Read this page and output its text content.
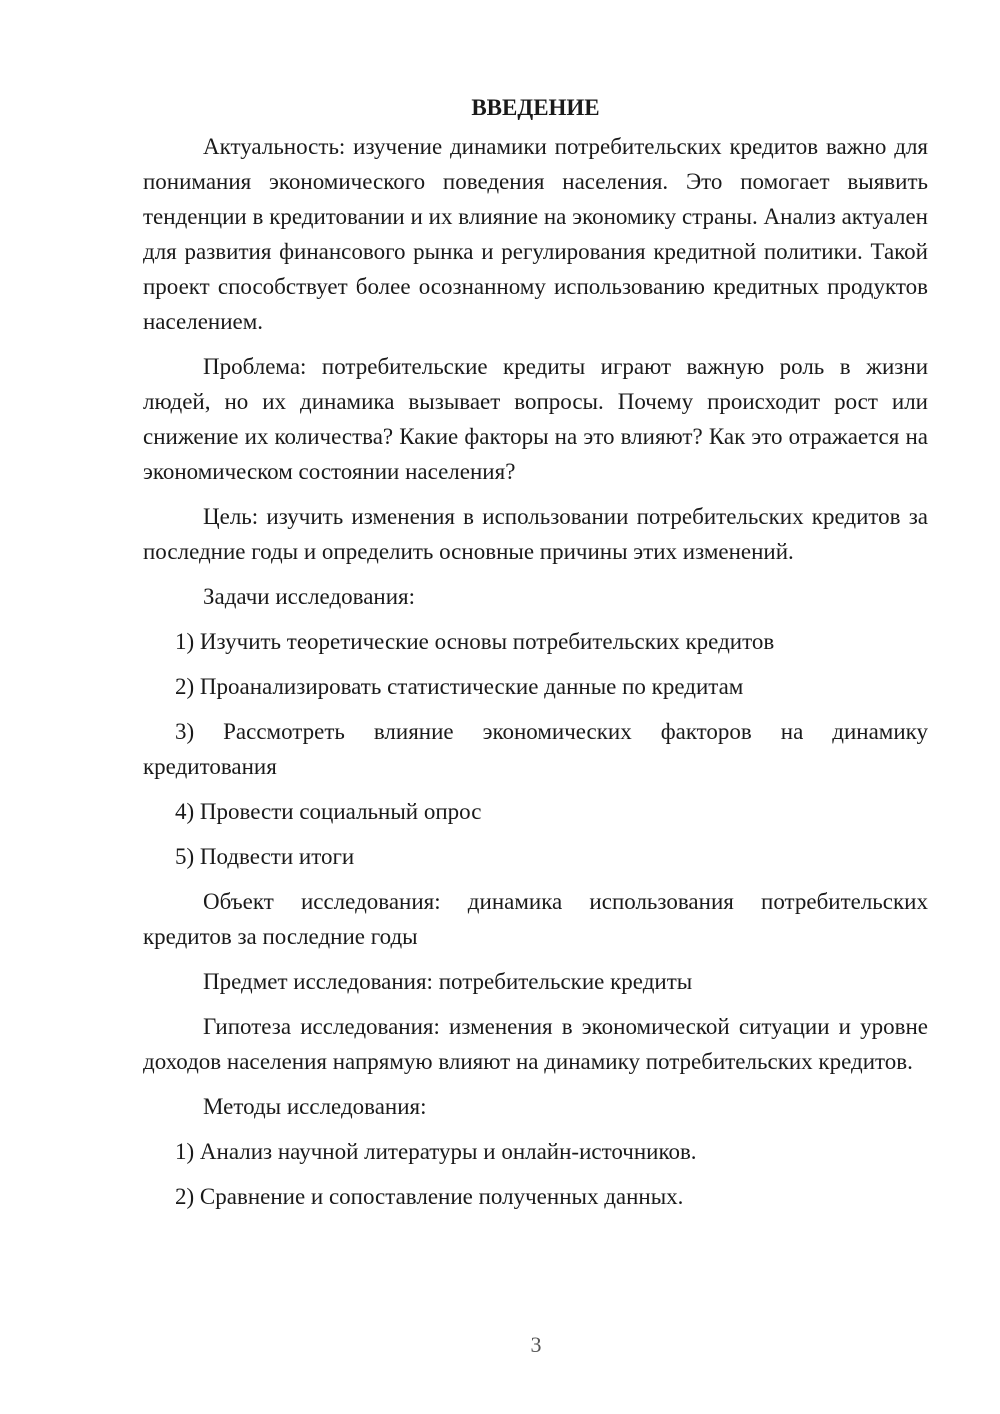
ВВЕДЕНИЕ

Актуальность: изучение динамики потребительских кредитов важно для понимания экономического поведения населения. Это помогает выявить тенденции в кредитовании и их влияние на экономику страны. Анализ актуален для развития финансового рынка и регулирования кредитной политики. Такой проект способствует более осознанному использованию кредитных продуктов населением.

Проблема: потребительские кредиты играют важную роль в жизни людей, но их динамика вызывает вопросы. Почему происходит рост или снижение их количества? Какие факторы на это влияют? Как это отражается на экономическом состоянии населения?

Цель: изучить изменения в использовании потребительских кредитов за последние годы и определить основные причины этих изменений.

Задачи исследования:

1) Изучить теоретические основы потребительских кредитов

2) Проанализировать статистические данные по кредитам

3) Рассмотреть влияние экономических факторов на динамику кредитования

4) Провести социальный опрос

5) Подвести итоги

Объект исследования: динамика использования потребительских кредитов за последние годы

Предмет исследования: потребительские кредиты

Гипотеза исследования: изменения в экономической ситуации и уровне доходов населения напрямую влияют на динамику потребительских кредитов.

Методы исследования:

1) Анализ научной литературы и онлайн-источников.

2) Сравнение и сопоставление полученных данных.

3
